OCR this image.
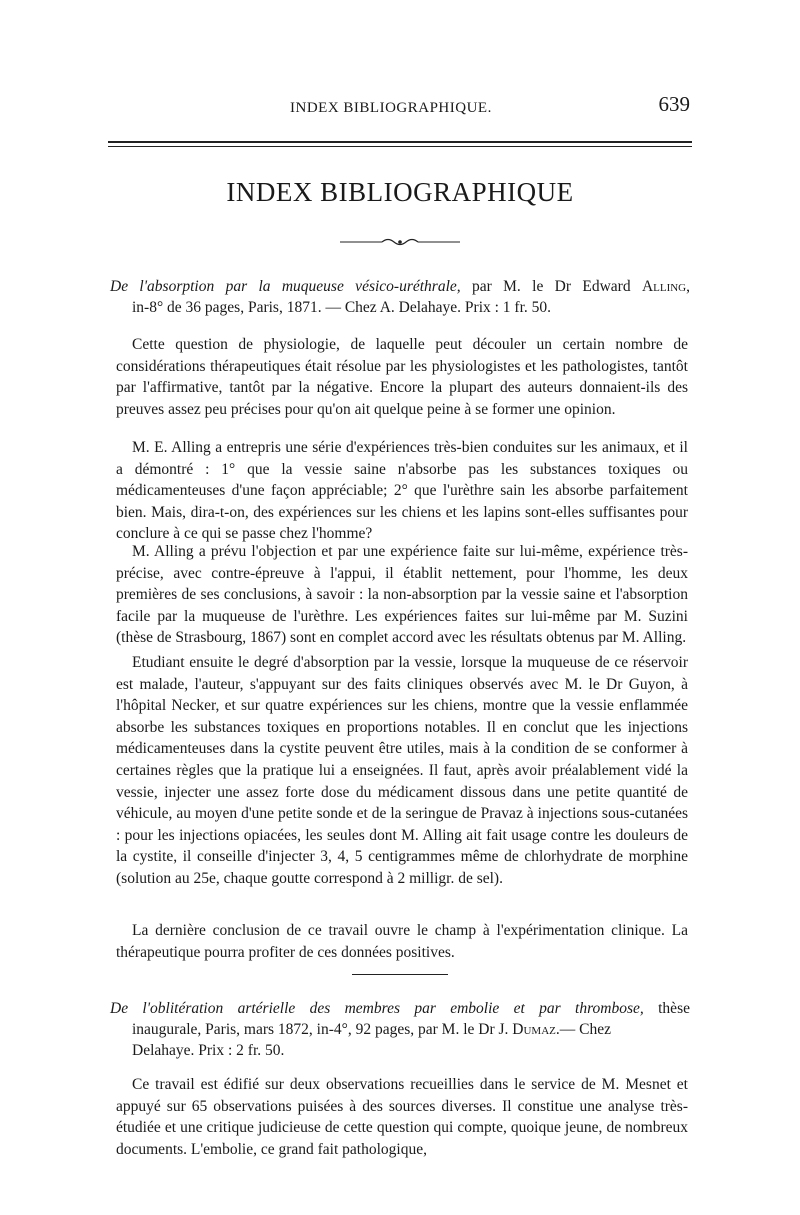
INDEX BIBLIOGRAPHIQUE.	639
INDEX BIBLIOGRAPHIQUE
De l'absorption par la muqueuse vésico-uréthrale, par M. le Dr Edward Alling,
in-8° de 36 pages, Paris, 1871. — Chez A. Delahaye. Prix : 1 fr. 50.

Cette question de physiologie, de laquelle peut découler un certain nombre de considérations thérapeutiques était résolue par les physiologistes et les pathologistes, tantôt par l'affirmative, tantôt par la négative. Encore la plupart des auteurs donnaient-ils des preuves assez peu précises pour qu'on ait quelque peine à se former une opinion.

M. E. Alling a entrepris une série d'expériences très-bien conduites sur les animaux, et il a démontré : 1° que la vessie saine n'absorbe pas les substances toxiques ou médicamenteuses d'une façon appréciable; 2° que l'urèthre sain les absorbe parfaitement bien. Mais, dira-t-on, des expériences sur les chiens et les lapins sont-elles suffisantes pour conclure à ce qui se passe chez l'homme?

M. Alling a prévu l'objection et par une expérience faite sur lui-même, expérience très-précise, avec contre-épreuve à l'appui, il établit nettement, pour l'homme, les deux premières de ses conclusions, à savoir : la non-absorption par la vessie saine et l'absorption facile par la muqueuse de l'urèthre. Les expériences faites sur lui-même par M. Suzini (thèse de Strasbourg, 1867) sont en complet accord avec les résultats obtenus par M. Alling.

Etudiant ensuite le degré d'absorption par la vessie, lorsque la muqueuse de ce réservoir est malade, l'auteur, s'appuyant sur des faits cliniques observés avec M. le Dr Guyon, à l'hôpital Necker, et sur quatre expériences sur les chiens, montre que la vessie enflammée absorbe les substances toxiques en proportions notables. Il en conclut que les injections médicamenteuses dans la cystite peuvent être utiles, mais à la condition de se conformer à certaines règles que la pratique lui a enseignées. Il faut, après avoir préalablement vidé la vessie, injecter une assez forte dose du médicament dissous dans une petite quantité de véhicule, au moyen d'une petite sonde et de la seringue de Pravaz à injections sous-cutanées : pour les injections opiacées, les seules dont M. Alling ait fait usage contre les douleurs de la cystite, il conseille d'injecter 3, 4, 5 centigrammes même de chlorhydrate de morphine (solution au 25e, chaque goutte correspond à 2 milligr. de sel).

La dernière conclusion de ce travail ouvre le champ à l'expérimentation clinique. La thérapeutique pourra profiter de ces données positives.

De l'oblitération artérielle des membres par embolie et par thrombose, thèse
inaugurale, Paris, mars 1872, in-4°, 92 pages, par M. le Dr J. Dumaz.— Chez
Delahaye. Prix : 2 fr. 50.

Ce travail est édifié sur deux observations recueillies dans le service de M. Mesnet et appuyé sur 65 observations puisées à des sources diverses. Il constitue une analyse très-étudiée et une critique judicieuse de cette question qui compte, quoique jeune, de nombreux documents. L'embolie, ce grand fait pathologique,
